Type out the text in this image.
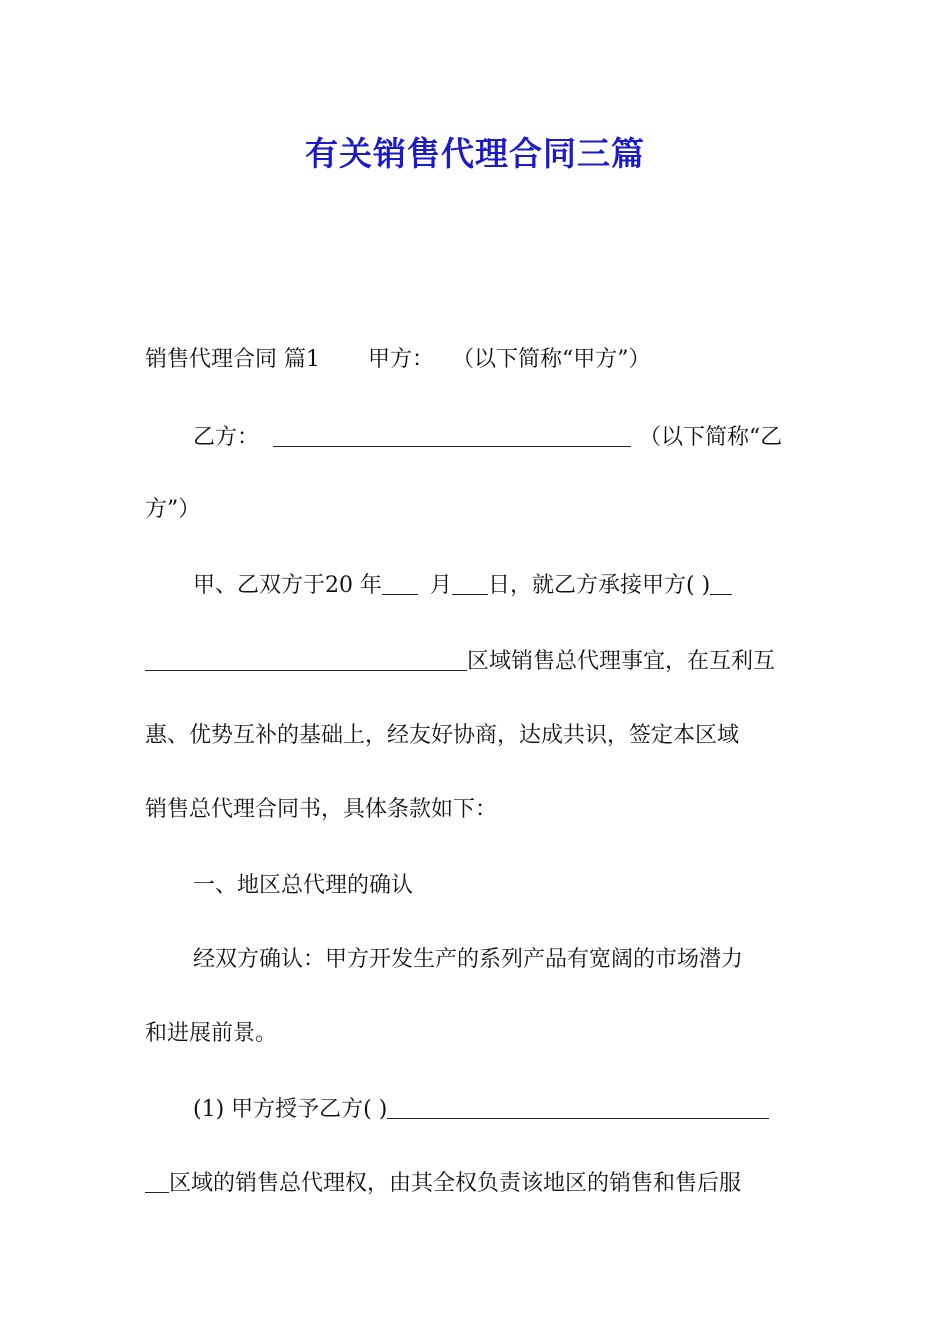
有关销售代理合同三篇
销售代理合同 篇1 甲方： （以下简称“甲方”）
乙方：	（以下简称“乙
方”）
甲、乙双方于20 年 月 日，就乙方承接甲方( )
区域销售总代理事宜，在互利互
惠、优势互补的基础上，经友好协商，达成共识，签定本区域
销售总代理合同书，具体条款如下：
一、地区总代理的确认
经双方确认：甲方开发生产的系列产品有宽阔的市场潜力
和进展前景。
(1) 甲方授予乙方( )
区域的销售总代理权，由其全权负责该地区的销售和售后服
